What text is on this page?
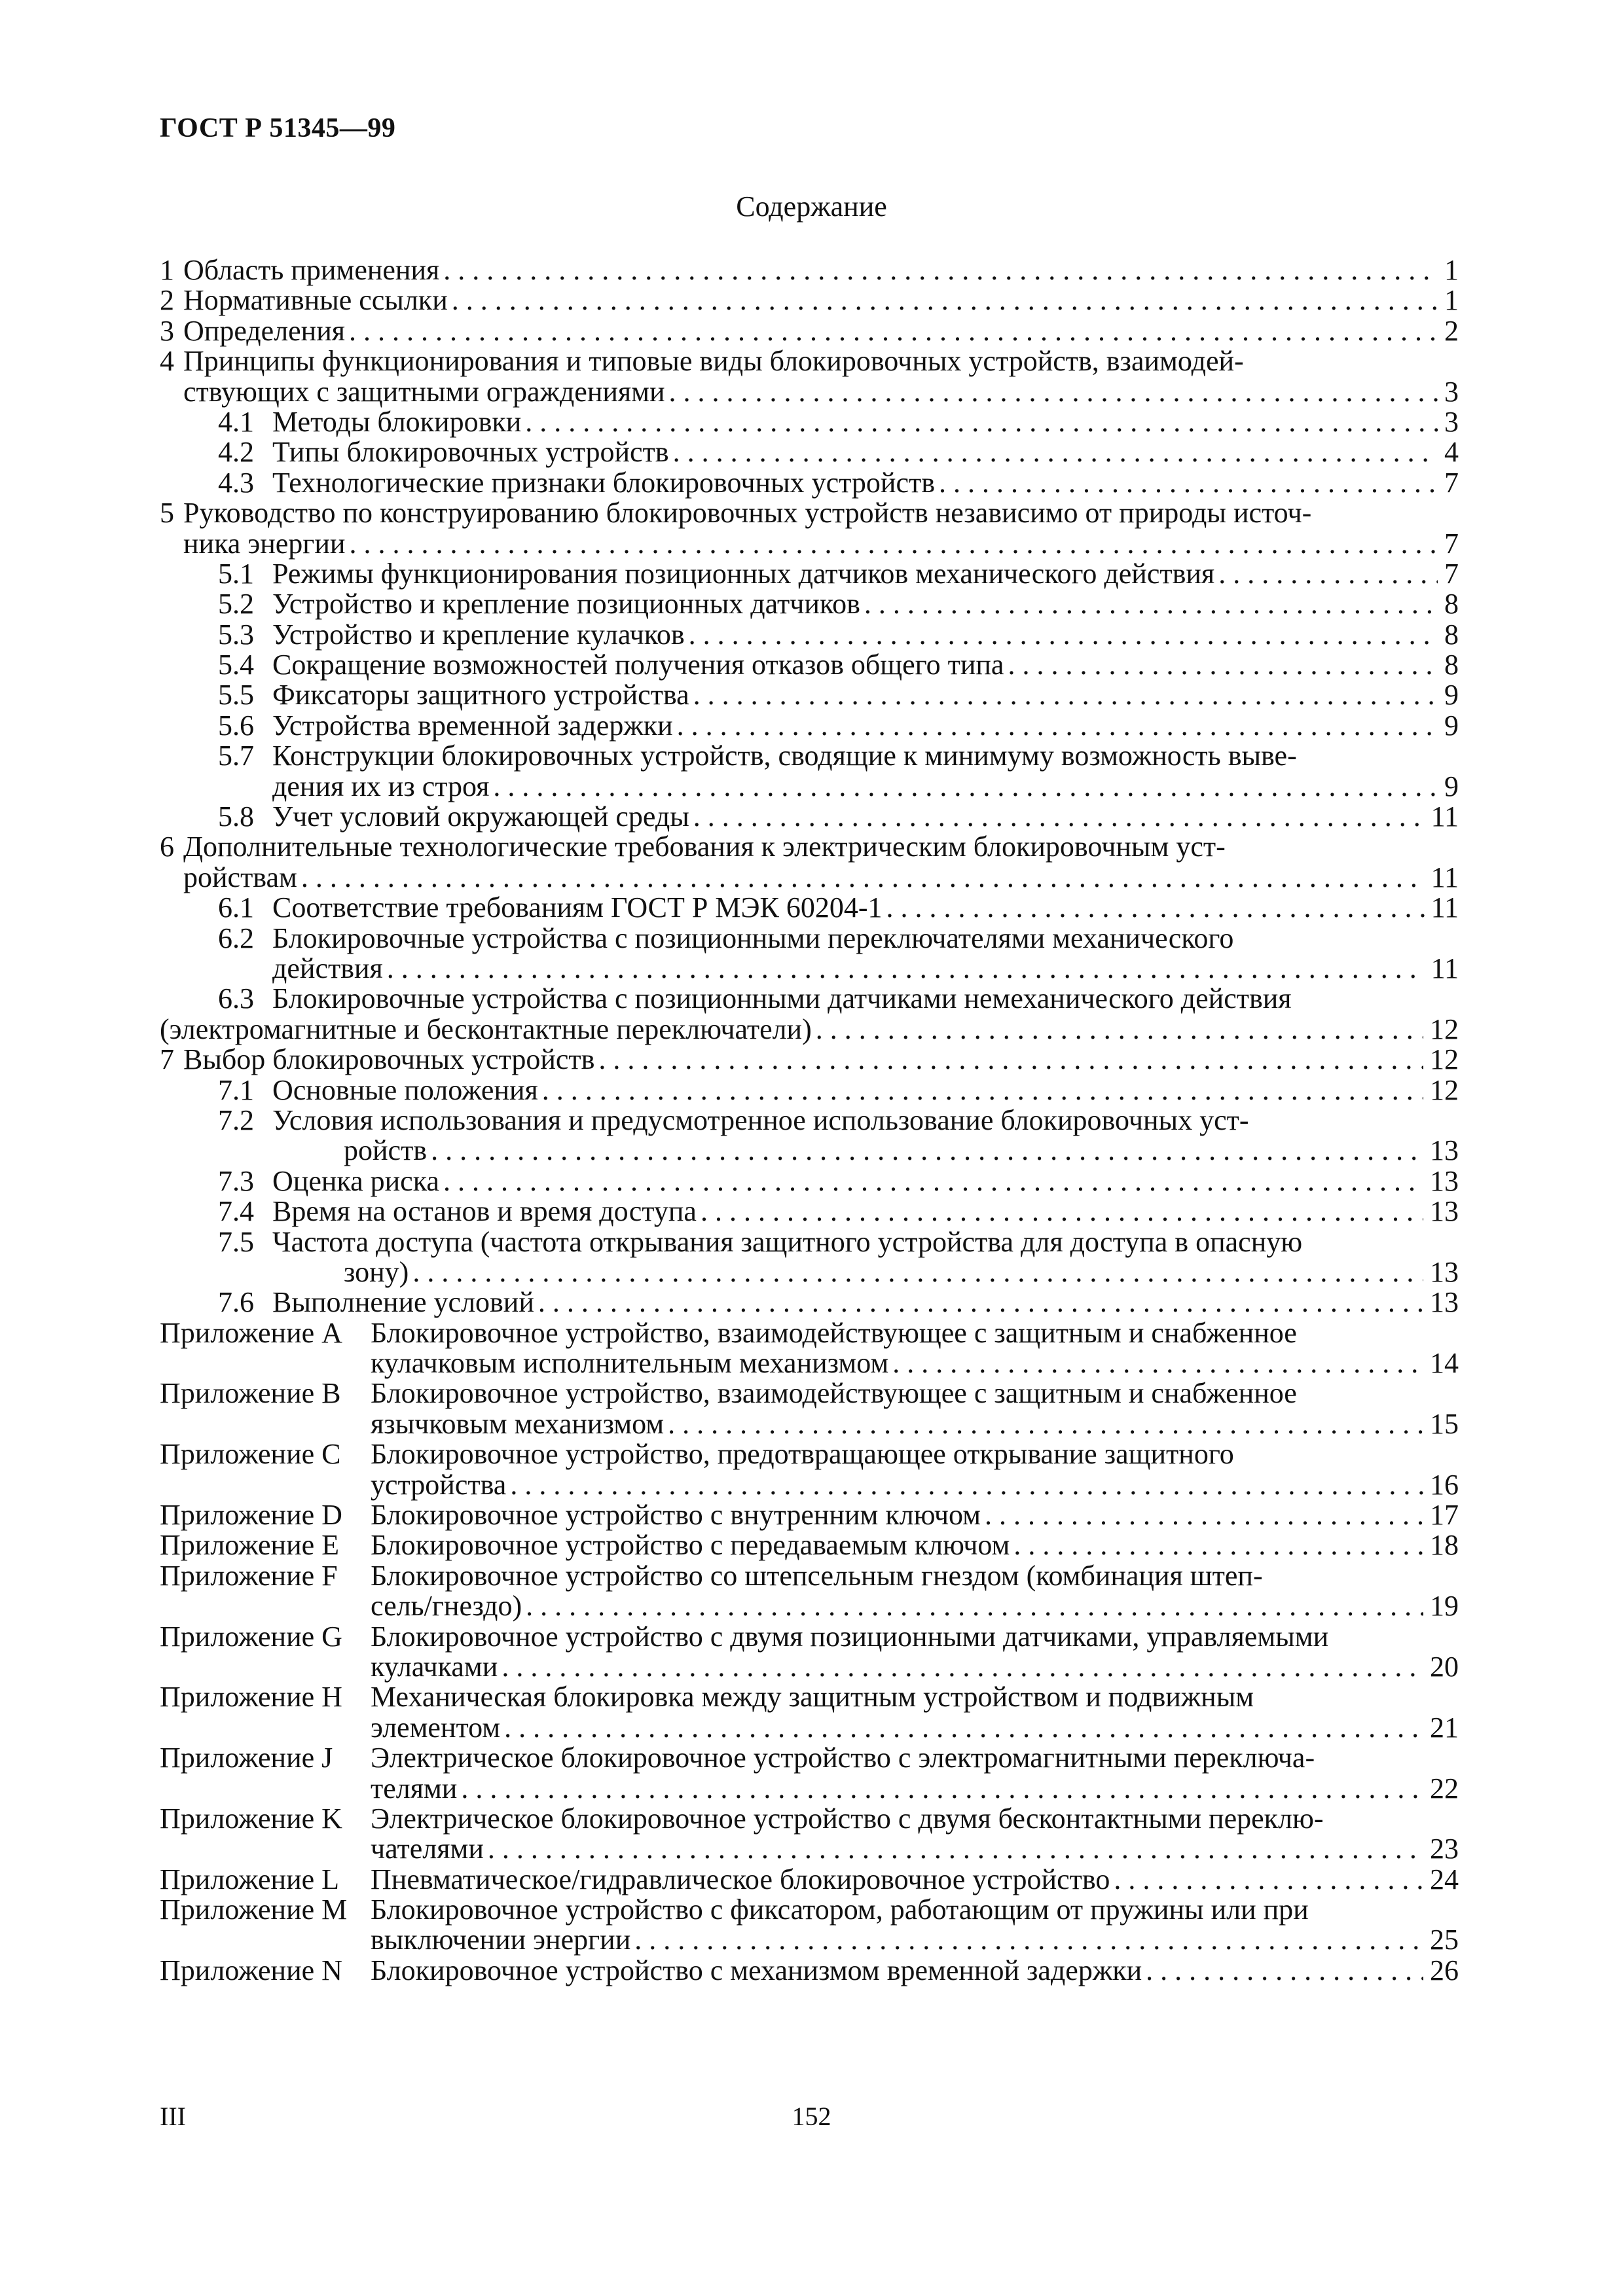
ГОСТ Р 51345—99
Содержание
1 Область применения . . .	1
2 Нормативные ссылки . . .	1
3 Определения . . .	2
4 Принципы функционирования и типовые виды блокировочных устройств, взаимодей-
ствующих с защитными ограждениями . . .	3
4.1 Методы блокировки . . .	3
4.2 Типы блокировочных устройств . . .	4
4.3 Технологические признаки блокировочных устройств . . .	7
5 Руководство по конструированию блокировочных устройств независимо от природы источ-
ника энергии . . .	7
5.1 Режимы функционирования позиционных датчиков механического действия . . .	7
5.2 Устройство и крепление позиционных датчиков . . .	8
5.3 Устройство и крепление кулачков . . .	8
5.4 Сокращение возможностей получения отказов общего типа . . .	8
5.5 Фиксаторы защитного устройства . . .	9
5.6 Устройства временной задержки . . .	9
5.7 Конструкции блокировочных устройств, сводящие к минимуму возможность выве-
дения их из строя . . .	9
5.8 Учет условий окружающей среды . . .	11
6 Дополнительные технологические требования к электрическим блокировочным уст-
ройствам . . .	11
6.1 Соответствие требованиям ГОСТ Р МЭК 60204-1 . . .	11
6.2 Блокировочные устройства с позиционными переключателями механического
действия . . .	11
6.3 Блокировочные устройства с позиционными датчиками немеханического действия
(электромагнитные и бесконтактные переключатели) . . .	12
7 Выбор блокировочных устройств . . .	12
7.1 Основные положения . . .	12
7.2 Условия использования и предусмотренное использование блокировочных уст-
ройств . . .	13
7.3 Оценка риска . . .	13
7.4 Время на останов и время доступа . . .	13
7.5 Частота доступа (частота открывания защитного устройства для доступа в опасную
зону) . . .	13
7.6 Выполнение условий . . .	13
Приложение A Блокировочное устройство, взаимодействующее с защитным и снабженное
кулачковым исполнительным механизмом . . .	14
Приложение B Блокировочное устройство, взаимодействующее с защитным и снабженное
язычковым механизмом . . .	15
Приложение C Блокировочное устройство, предотвращающее открывание защитного
устройства . . .	16
Приложение D Блокировочное устройство с внутренним ключом . . .	17
Приложение E Блокировочное устройство с передаваемым ключом . . .	18
Приложение F Блокировочное устройство со штепсельным гнездом (комбинация штеп-
сель/гнездо) . . .	19
Приложение G Блокировочное устройство с двумя позиционными датчиками, управляемыми
кулачками . . .	20
Приложение H Механическая блокировка между защитным устройством и подвижным
элементом . . .	21
Приложение J Электрическое блокировочное устройство с электромагнитными переключа-
телями . . .	22
Приложение K Электрическое блокировочное устройство с двумя бесконтактными переклю-
чателями . . .	23
Приложение L Пневматическое/гидравлическое блокировочное устройство . . .	24
Приложение M Блокировочное устройство с фиксатором, работающим от пружины или при
выключении энергии . . .	25
Приложение N Блокировочное устройство с механизмом временной задержки . . .	26
III	152
